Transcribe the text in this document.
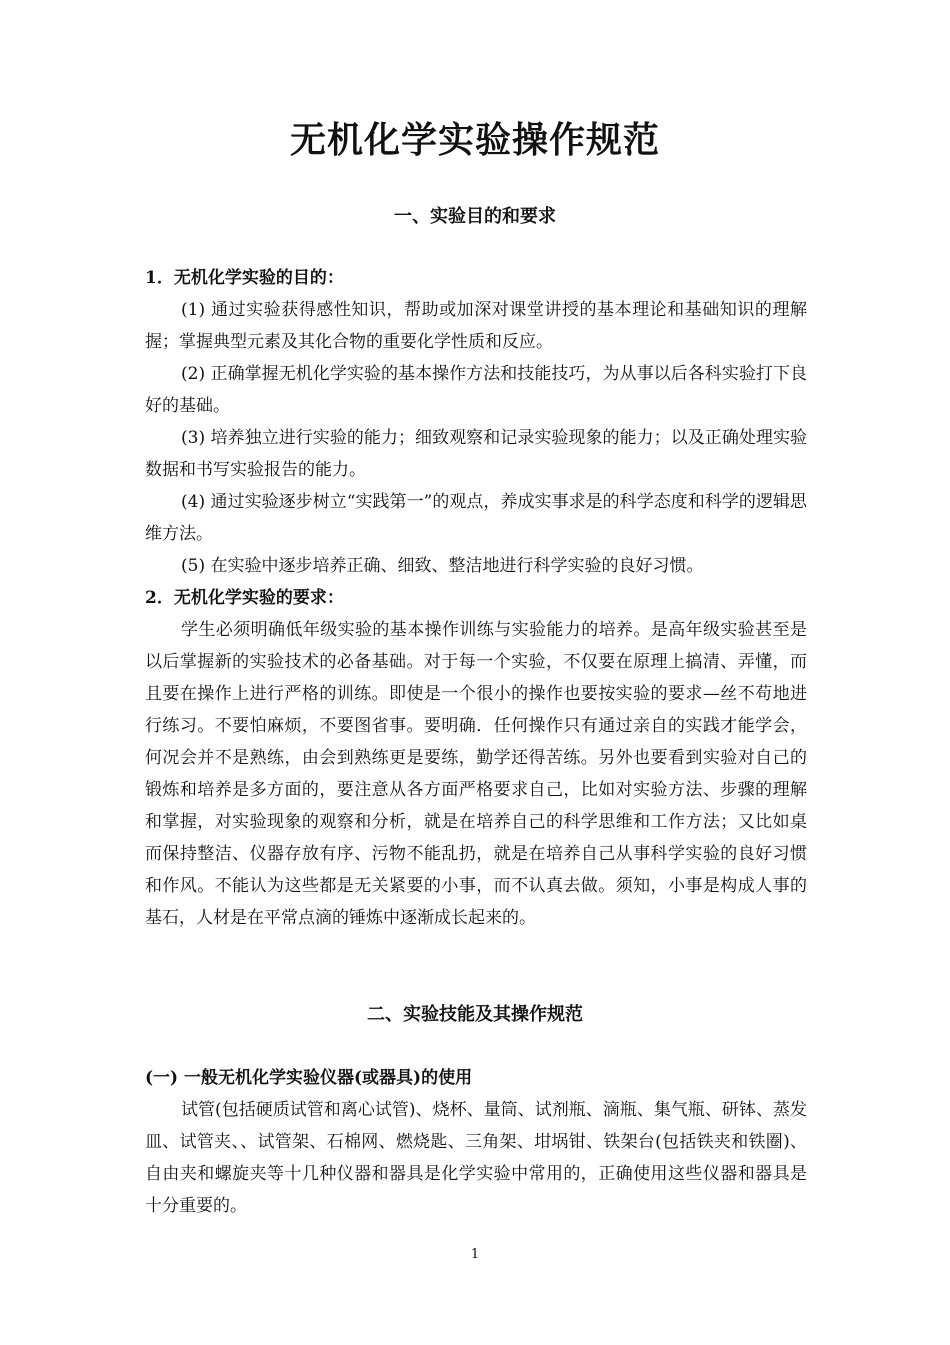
无机化学实验操作规范
一、实验目的和要求

1．无机化学实验的目的：

(1) 通过实验获得感性知识，帮助或加深对课堂讲授的基本理论和基础知识的理解握；掌握典型元素及其化合物的重要化学性质和反应。

(2) 正确掌握无机化学实验的基本操作方法和技能技巧，为从事以后各科实验打下良好的基础。

(3) 培养独立进行实验的能力；细致观察和记录实验现象的能力；以及正确处理实验数据和书写实验报告的能力。

(4) 通过实验逐步树立“实践第一”的观点，养成实事求是的科学态度和科学的逻辑思维方法。

(5) 在实验中逐步培养正确、细致、整洁地进行科学实验的良好习惯。

2．无机化学实验的要求：

学生必须明确低年级实验的基本操作训练与实验能力的培养。是高年级实验甚至是以后掌握新的实验技术的必备基础。对于每一个实验，不仅要在原理上搞清、弄懂，而且要在操作上进行严格的训练。即使是一个很小的操作也要按实验的要求—丝不苟地进行练习。不要怕麻烦，不要图省事。要明确．任何操作只有通过亲自的实践才能学会，何况会并不是熟练，由会到熟练更是要练，勤学还得苦练。另外也要看到实验对自己的锻炼和培养是多方面的，要注意从各方面严格要求自己，比如对实验方法、步骤的理解和掌握，对实验现象的观察和分析，就是在培养自己的科学思维和工作方法；又比如桌而保持整洁、仪器存放有序、污物不能乱扔，就是在培养自己从事科学实验的良好习惯和作风。不能认为这些都是无关紧要的小事，而不认真去做。须知，小事是构成人事的基石，人材是在平常点滴的锤炼中逐渐成长起来的。

二、实验技能及其操作规范

(一) 一般无机化学实验仪器(或器具)的使用

试管(包括硬质试管和离心试管)、烧杯、量筒、试剂瓶、滴瓶、集气瓶、研钵、蒸发皿、试管夹、、试管架、石棉网、燃烧匙、三角架、坩埚钳、铁架台(包括铁夹和铁圈)、自由夹和螺旋夹等十几种仪器和器具是化学实验中常用的，正确使用这些仪器和器具是十分重要的。

1
